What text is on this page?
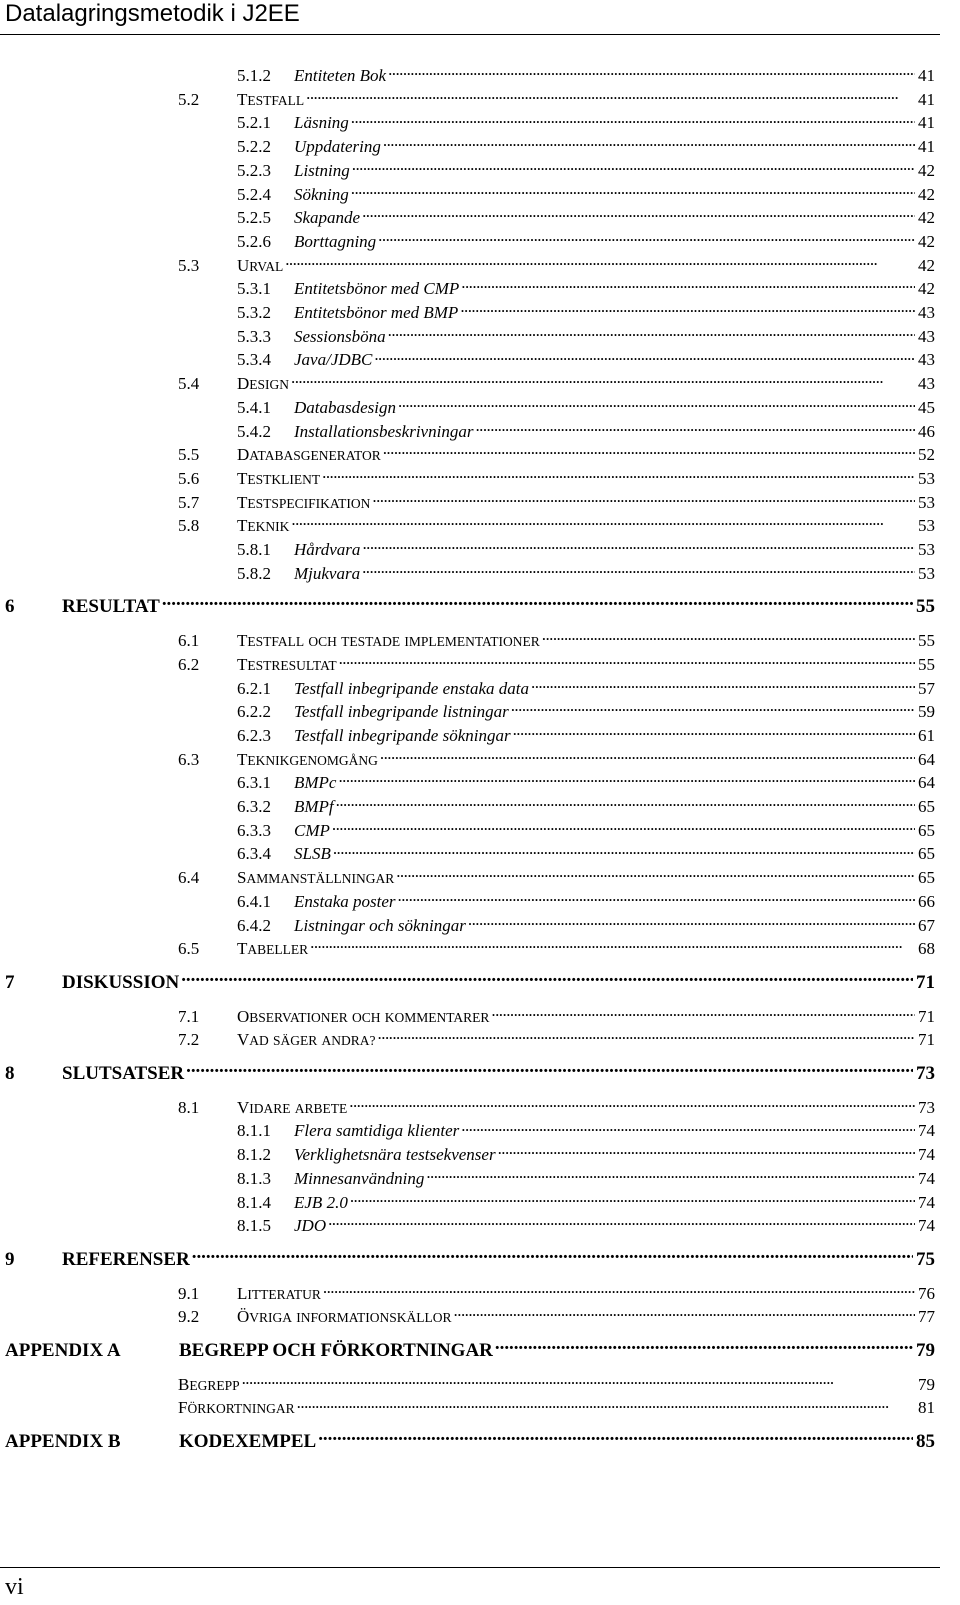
Datalagringsmetodik i J2EE
5.1.2	Entiteten Bok . . .	41
5.2	TESTFALL . . .	41
5.2.1	Läsning . . .	41
5.2.2	Uppdatering . . .	41
5.2.3	Listning . . .	42
5.2.4	Sökning . . .	42
5.2.5	Skapande . . .	42
5.2.6	Borttagning . . .	42
5.3	URVAL . . .	42
5.3.1	Entitetsbönor med CMP . . .	42
5.3.2	Entitetsbönor med BMP . . .	43
5.3.3	Sessionsböna . . .	43
5.3.4	Java/JDBC . . .	43
5.4	DESIGN . . .	43
5.4.1	Databasdesign . . .	45
5.4.2	Installationsbeskrivningar . . .	46
5.5	DATABASGENERATOR . . .	52
5.6	TESTKLIENT . . .	53
5.7	TESTSPECIFIKATION . . .	53
5.8	TEKNIK . . .	53
5.8.1	Hårdvara . . .	53
5.8.2	Mjukvara . . .	53
6	RESULTAT . . .	55
6.1	TESTFALL OCH TESTADE IMPLEMENTATIONER . . .	55
6.2	TESTRESULTAT . . .	55
6.2.1	Testfall inbegripande enstaka data . . .	57
6.2.2	Testfall inbegripande listningar . . .	59
6.2.3	Testfall inbegripande sökningar . . .	61
6.3	TEKNIKGENOMGÅNG . . .	64
6.3.1	BMPc . . .	64
6.3.2	BMPf . . .	65
6.3.3	CMP . . .	65
6.3.4	SLSB . . .	65
6.4	SAMMANSTÄLLNINGAR . . .	65
6.4.1	Enstaka poster . . .	66
6.4.2	Listningar och sökningar . . .	67
6.5	TABELLER . . .	68
7	DISKUSSION . . .	71
7.1	OBSERVATIONER OCH KOMMENTARER . . .	71
7.2	VAD SÄGER ANDRA? . . .	71
8	SLUTSATSER . . .	73
8.1	VIDARE ARBETE . . .	73
8.1.1	Flera samtidiga klienter . . .	74
8.1.2	Verklighetsnära testsekvenser . . .	74
8.1.3	Minnesanvändning . . .	74
8.1.4	EJB 2.0 . . .	74
8.1.5	JDO . . .	74
9	REFERENSER . . .	75
9.1	LITTERATUR . . .	76
9.2	ÖVRIGA INFORMATIONSKÄLLOR . . .	77
APPENDIX A	BEGREPP OCH FÖRKORTNINGAR . . .	79
BEGREPP . . .	79
FÖRKORTNINGAR . . .	81
APPENDIX B	KODEXEMPEL . . .	85
vi
